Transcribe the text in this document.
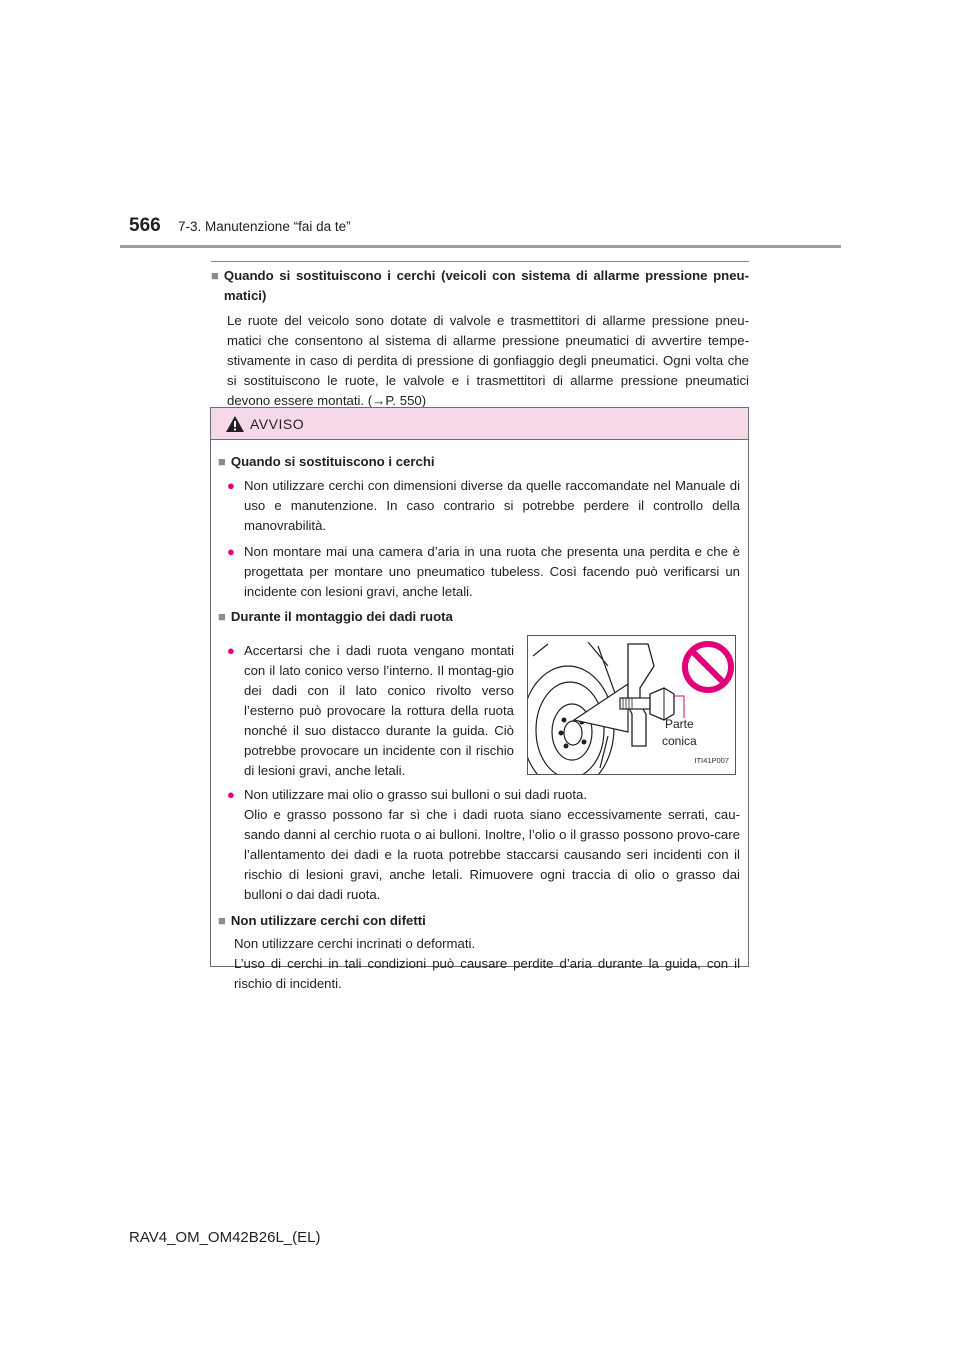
566 7-3. Manutenzione “fai da te”
■ Quando si sostituiscono i cerchi (veicoli con sistema di allarme pressione pneu-matici)
Le ruote del veicolo sono dotate di valvole e trasmettitori di allarme pressione pneu-matici che consentono al sistema di allarme pressione pneumatici di avvertire tempe-stivamente in caso di perdita di pressione di gonfiaggio degli pneumatici. Ogni volta che si sostituiscono le ruote, le valvole e i trasmettitori di allarme pressione pneumatici devono essere montati. (→P. 550)
AVVISO
■ Quando si sostituiscono i cerchi
● Non utilizzare cerchi con dimensioni diverse da quelle raccomandate nel Manuale di uso e manutenzione. In caso contrario si potrebbe perdere il controllo della manovrabilità.
● Non montare mai una camera d’aria in una ruota che presenta una perdita e che è progettata per montare uno pneumatico tubeless. Così facendo può verificarsi un incidente con lesioni gravi, anche letali.
■ Durante il montaggio dei dadi ruota
● Accertarsi che i dadi ruota vengano montati con il lato conico verso l’interno. Il montag-gio dei dadi con il lato conico rivolto verso l’esterno può provocare la rottura della ruota nonché il suo distacco durante la guida. Ciò potrebbe provocare un incidente con il rischio di lesioni gravi, anche letali.
Parte
conica
ITI41P007
● Non utilizzare mai olio o grasso sui bulloni o sui dadi ruota.
Olio e grasso possono far sì che i dadi ruota siano eccessivamente serrati, cau-sando danni al cerchio ruota o ai bulloni. Inoltre, l’olio o il grasso possono provo-care l’allentamento dei dadi e la ruota potrebbe staccarsi causando seri incidenti con il rischio di lesioni gravi, anche letali. Rimuovere ogni traccia di olio o grasso dai bulloni o dai dadi ruota.
■ Non utilizzare cerchi con difetti
Non utilizzare cerchi incrinati o deformati.
L’uso di cerchi in tali condizioni può causare perdite d’aria durante la guida, con il rischio di incidenti.
RAV4_OM_OM42B26L_(EL)
